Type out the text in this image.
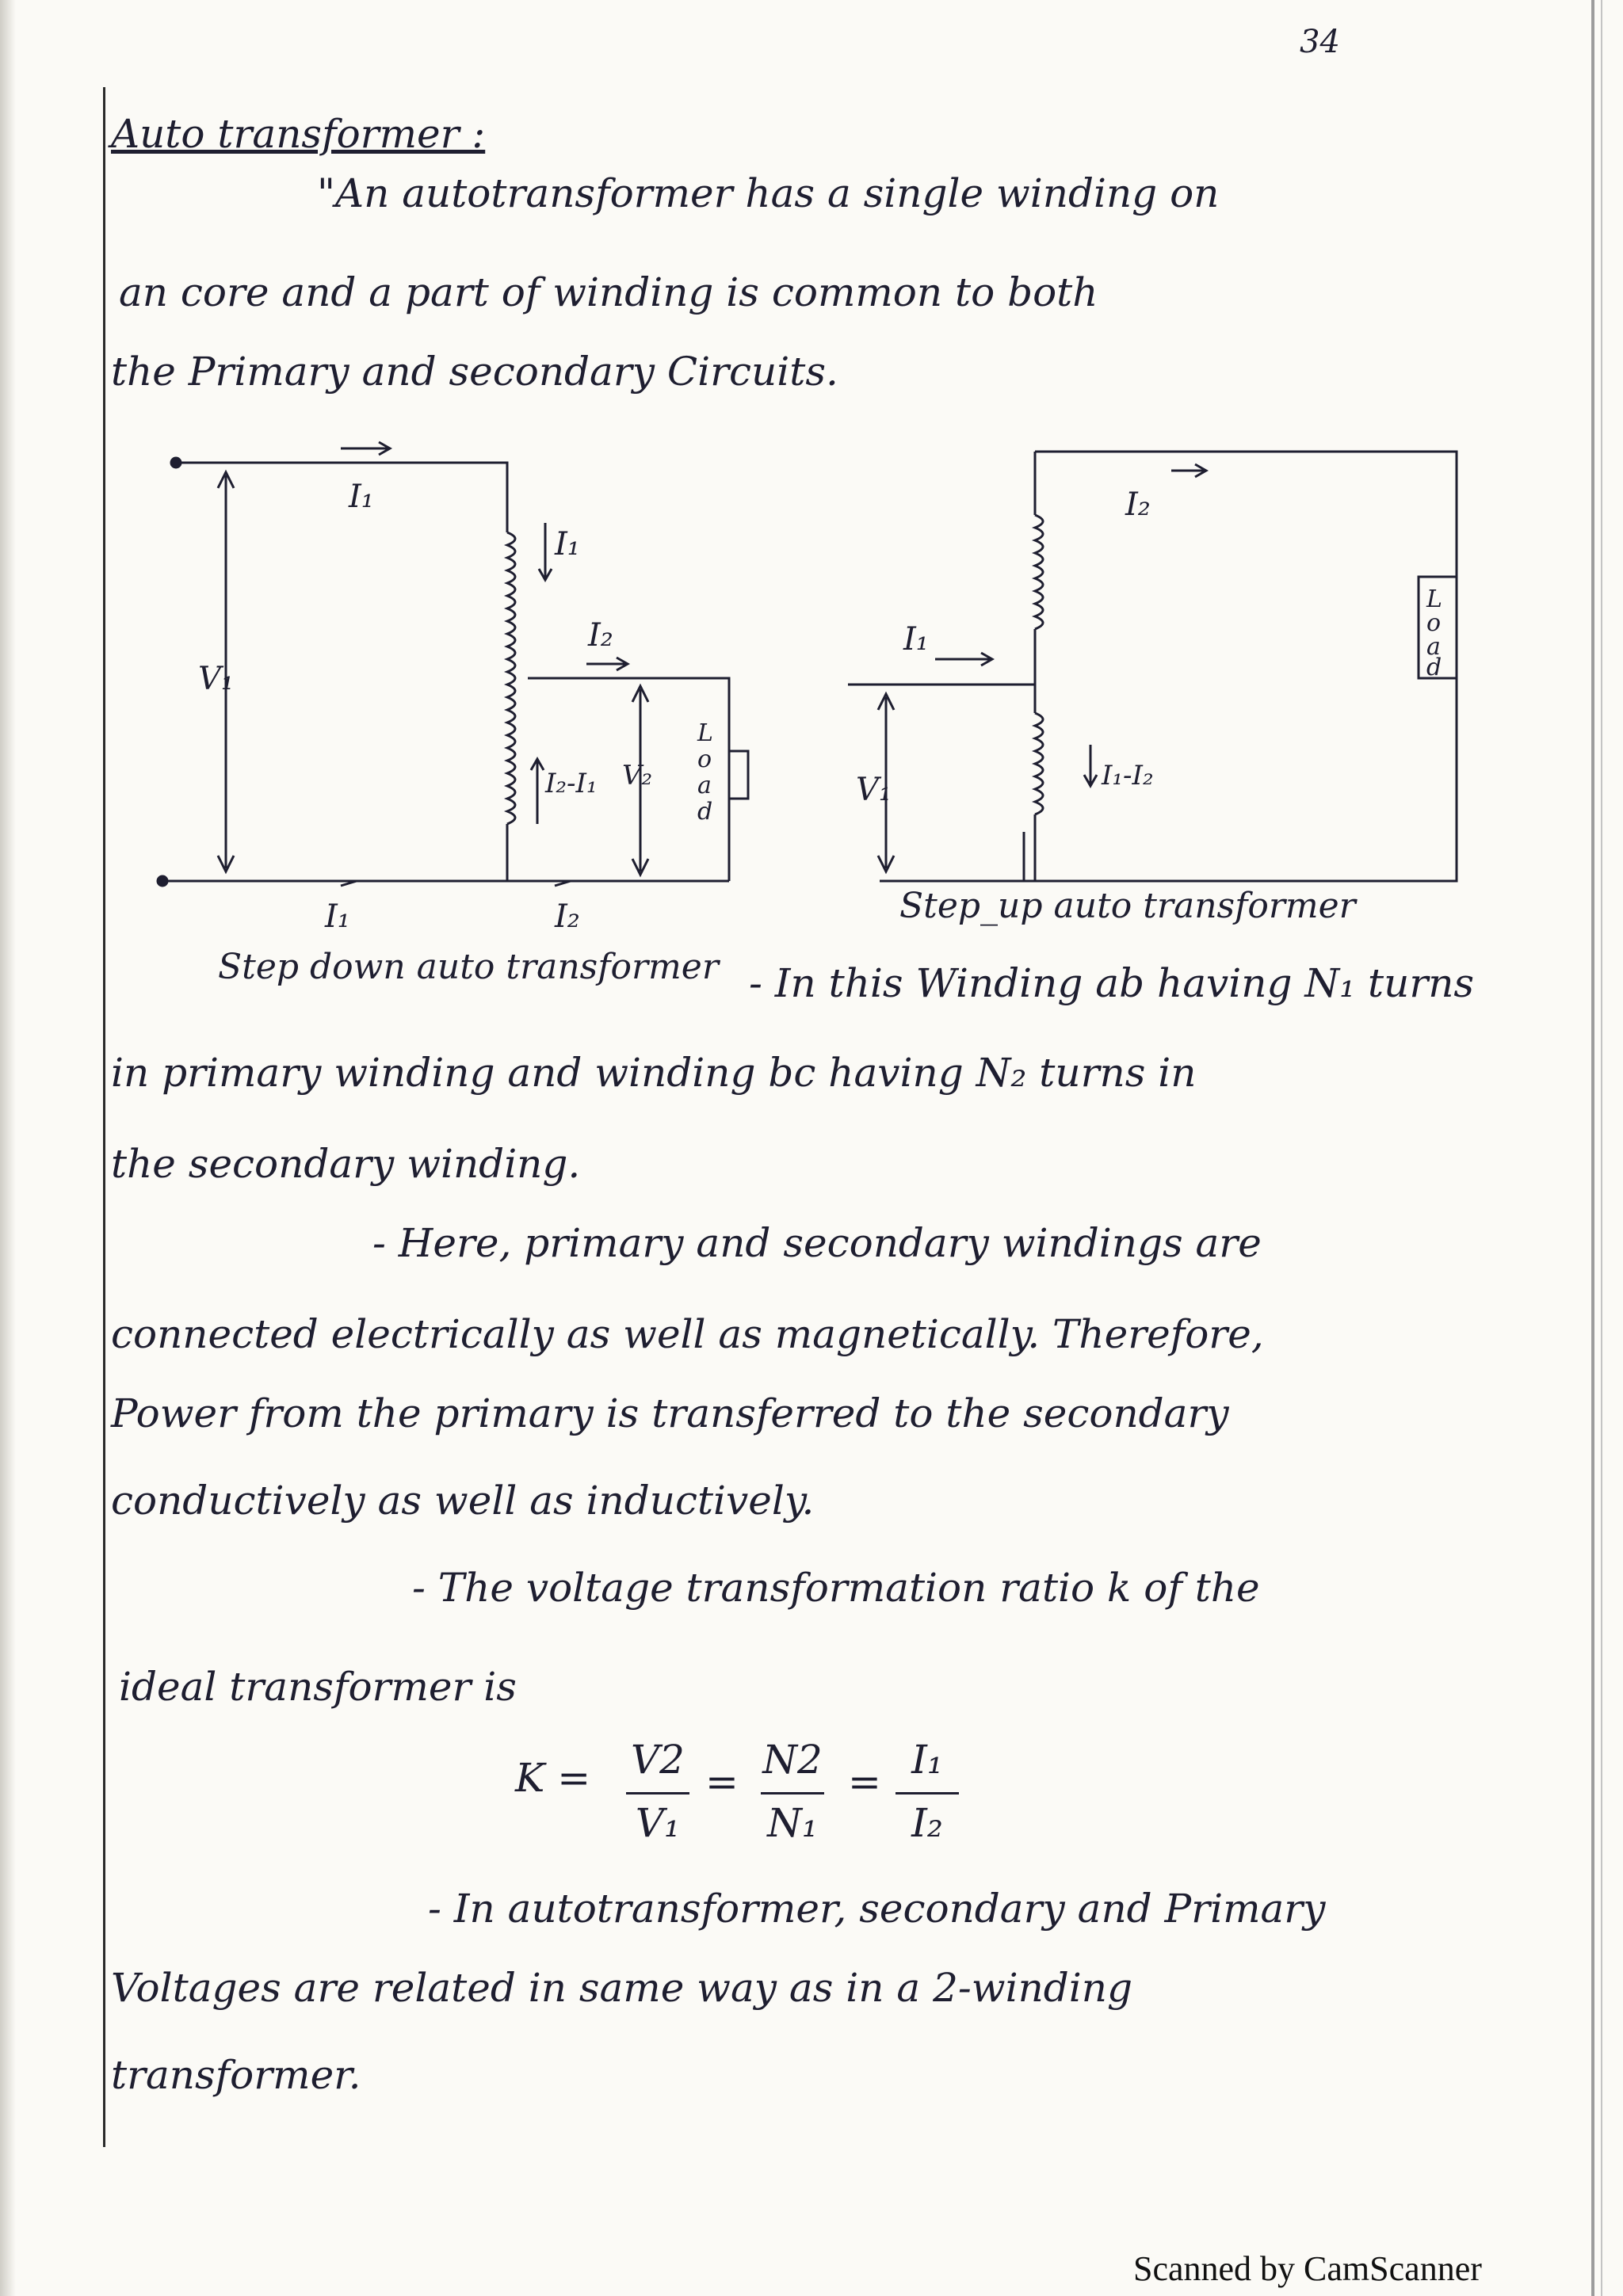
34
Auto transformer :
"An autotransformer has a single winding on
an core and a part of winding is common to both
the Primary and secondary Circuits.
I₁
I₁
I₂
I₂-I₁ V₂
V₁
L
o
a
d
I₁	I₂
I₂
I₁
I₁-I₂
V₁
L
o
a
d
Step down auto transformer
Step_up auto transformer
- In this Winding ab having N₁ turns
in primary winding and winding bc having N₂ turns in
the secondary winding.
- Here, primary and secondary windings are
connected electrically as well as magnetically. Therefore,
Power from the primary is transferred to the secondary
conductively as well as inductively.
- The voltage transformation ratio k of the
ideal transformer is
K = V2
V₁
= N2
N₁
= I₁
I₂
- In autotransformer, secondary and Primary
Voltages are related in same way as in a 2-winding
transformer.
Scanned by CamScanner
